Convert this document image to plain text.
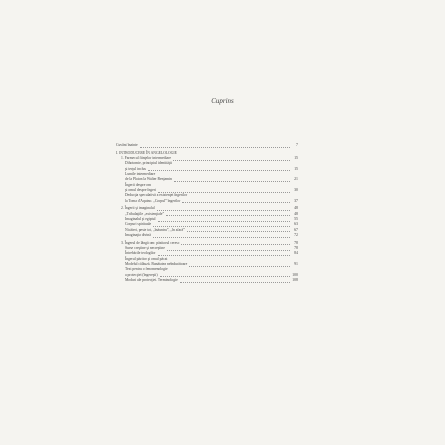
Cuprins
Cuvânt înainte	7
I. INTRODUCERE ÎN ANGELOLOGIE
1. Farmecul fiinţelor intermediare	15
Dihotomie, principiul identităţii
şi terţul inclus	15
Lumile intermediare
de la Platon la Walter Benjamin	21
Îngerii despre om
şi omul despre îngeri	30
Deducţia speculativă a existenţei îngerilor
la Toma d'Aquino. „Corpul” îngerilor	37
2. Îngerii şi imaginalul	48
„Tribulaţiile „existenţiale”	48
Imaginalul şi egiptul	55
Corpuri spirituale	63
Nicăieri, peste tot, „înăuntru”, „în afară”	67
Imaginaţia divină	72
3. Îngerul de lângă om: păzitorul ceresc	78
Surse creştine şi necreştine	78
Întrebările teologilor	84
Îngerul păzitor şi omul păcat
Modelul călăuză. Bunătatea neîndurătoare	91
Text pentru o fenomenologie
a protecţiei (îngereşti)	100
Moduri ale protecţiei. Terminologie	108
